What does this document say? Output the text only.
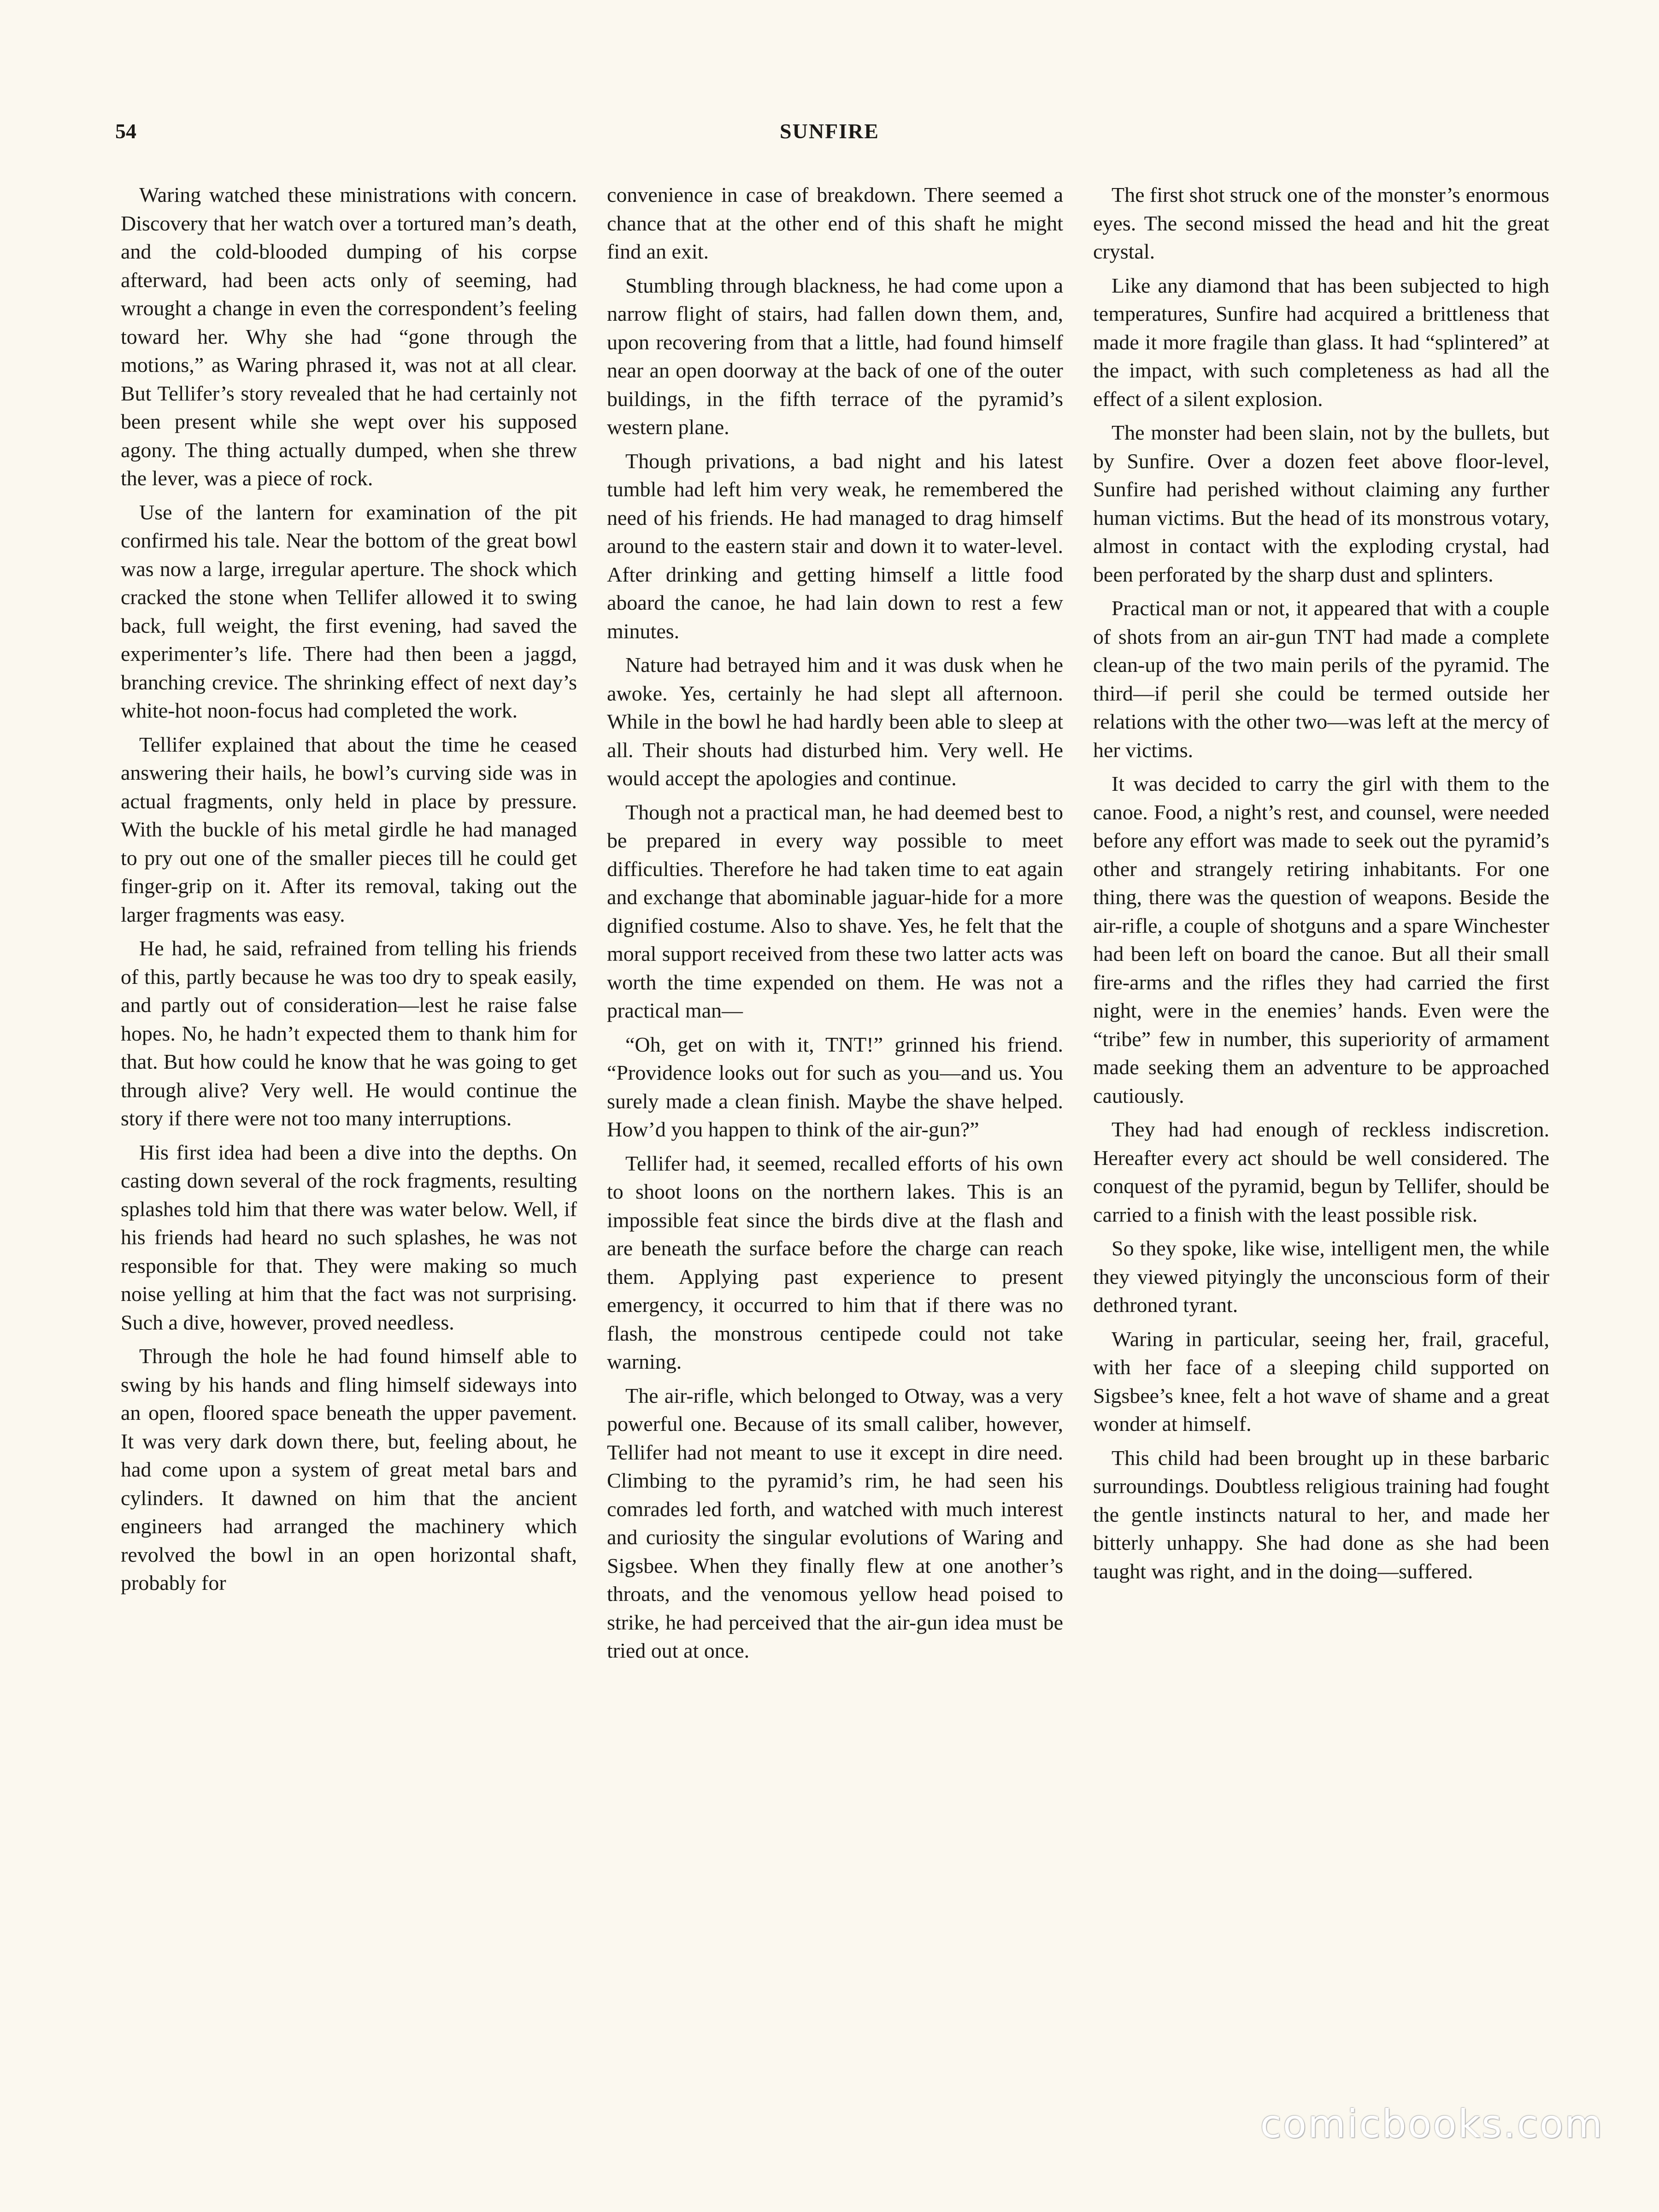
54	SUNFIRE

Waring watched these ministrations with concern. Discovery that her watch over a tortured man’s death, and the cold-blooded dumping of his corpse afterward, had been acts only of seeming, had wrought a change in even the correspondent’s feeling toward her. Why she had “gone through the motions,” as Waring phrased it, was not at all clear. But Tellifer’s story revealed that he had certainly not been present while she wept over his supposed agony. The thing actually dumped, when she threw the lever, was a piece of rock.

Use of the lantern for examination of the pit confirmed his tale. Near the bottom of the great bowl was now a large, irregular aperture. The shock which cracked the stone when Tellifer allowed it to swing back, full weight, the first evening, had saved the experimenter’s life. There had then been a jaggd, branching crevice. The shrinking effect of next day’s white-hot noon-focus had completed the work.

Tellifer explained that about the time he ceased answering their hails, he bowl’s curving side was in actual fragments, only held in place by pressure. With the buckle of his metal girdle he had managed to pry out one of the smaller pieces till he could get finger-grip on it. After its removal, taking out the larger fragments was easy.

He had, he said, refrained from telling his friends of this, partly because he was too dry to speak easily, and partly out of consideration—lest he raise false hopes. No, he hadn’t expected them to thank him for that. But how could he know that he was going to get through alive? Very well. He would continue the story if there were not too many interruptions.

His first idea had been a dive into the depths. On casting down several of the rock fragments, resulting splashes told him that there was water below. Well, if his friends had heard no such splashes, he was not responsible for that. They were making so much noise yelling at him that the fact was not surprising. Such a dive, however, proved needless.

Through the hole he had found himself able to swing by his hands and fling himself sideways into an open, floored space beneath the upper pavement. It was very dark down there, but, feeling about, he had come upon a system of great metal bars and cylinders. It dawned on him that the ancient engineers had arranged the machinery which revolved the bowl in an open horizontal shaft, probably for

convenience in case of breakdown. There seemed a chance that at the other end of this shaft he might find an exit.

Stumbling through blackness, he had come upon a narrow flight of stairs, had fallen down them, and, upon recovering from that a little, had found himself near an open doorway at the back of one of the outer buildings, in the fifth terrace of the pyramid’s western plane.

Though privations, a bad night and his latest tumble had left him very weak, he remembered the need of his friends. He had managed to drag himself around to the eastern stair and down it to water-level. After drinking and getting himself a little food aboard the canoe, he had lain down to rest a few minutes.

Nature had betrayed him and it was dusk when he awoke. Yes, certainly he had slept all afternoon. While in the bowl he had hardly been able to sleep at all. Their shouts had disturbed him. Very well. He would accept the apologies and continue.

Though not a practical man, he had deemed best to be prepared in every way possible to meet difficulties. Therefore he had taken time to eat again and exchange that abominable jaguar-hide for a more dignified costume. Also to shave. Yes, he felt that the moral support received from these two latter acts was worth the time expended on them. He was not a practical man—

“Oh, get on with it, TNT!” grinned his friend. “Providence looks out for such as you—and us. You surely made a clean finish. Maybe the shave helped. How’d you happen to think of the air-gun?”

Tellifer had, it seemed, recalled efforts of his own to shoot loons on the northern lakes. This is an impossible feat since the birds dive at the flash and are beneath the surface before the charge can reach them. Applying past experience to present emergency, it occurred to him that if there was no flash, the monstrous centipede could not take warning.

The air-rifle, which belonged to Otway, was a very powerful one. Because of its small caliber, however, Tellifer had not meant to use it except in dire need. Climbing to the pyramid’s rim, he had seen his comrades led forth, and watched with much interest and curiosity the singular evolutions of Waring and Sigsbee. When they finally flew at one another’s throats, and the venomous yellow head poised to strike, he had perceived that the air-gun idea must be tried out at once.

The first shot struck one of the monster’s enormous eyes. The second missed the head and hit the great crystal.

Like any diamond that has been subjected to high temperatures, Sunfire had acquired a brittleness that made it more fragile than glass. It had “splintered” at the impact, with such completeness as had all the effect of a silent explosion.

The monster had been slain, not by the bullets, but by Sunfire. Over a dozen feet above floor-level, Sunfire had perished without claiming any further human victims. But the head of its monstrous votary, almost in contact with the exploding crystal, had been perforated by the sharp dust and splinters.

Practical man or not, it appeared that with a couple of shots from an air-gun TNT had made a complete clean-up of the two main perils of the pyramid. The third—if peril she could be termed outside her relations with the other two—was left at the mercy of her victims.

It was decided to carry the girl with them to the canoe. Food, a night’s rest, and counsel, were needed before any effort was made to seek out the pyramid’s other and strangely retiring inhabitants. For one thing, there was the question of weapons. Beside the air-rifle, a couple of shotguns and a spare Winchester had been left on board the canoe. But all their small fire-arms and the rifles they had carried the first night, were in the enemies’ hands. Even were the “tribe” few in number, this superiority of armament made seeking them an adventure to be approached cautiously.

They had had enough of reckless indiscretion. Hereafter every act should be well considered. The conquest of the pyramid, begun by Tellifer, should be carried to a finish with the least possible risk.

So they spoke, like wise, intelligent men, the while they viewed pityingly the unconscious form of their dethroned tyrant.

Waring in particular, seeing her, frail, graceful, with her face of a sleeping child supported on Sigsbee’s knee, felt a hot wave of shame and a great wonder at himself.

This child had been brought up in these barbaric surroundings. Doubtless religious training had fought the gentle instincts natural to her, and made her bitterly unhappy. She had done as she had been taught was right, and in the doing—suffered.

comicbooks.com
